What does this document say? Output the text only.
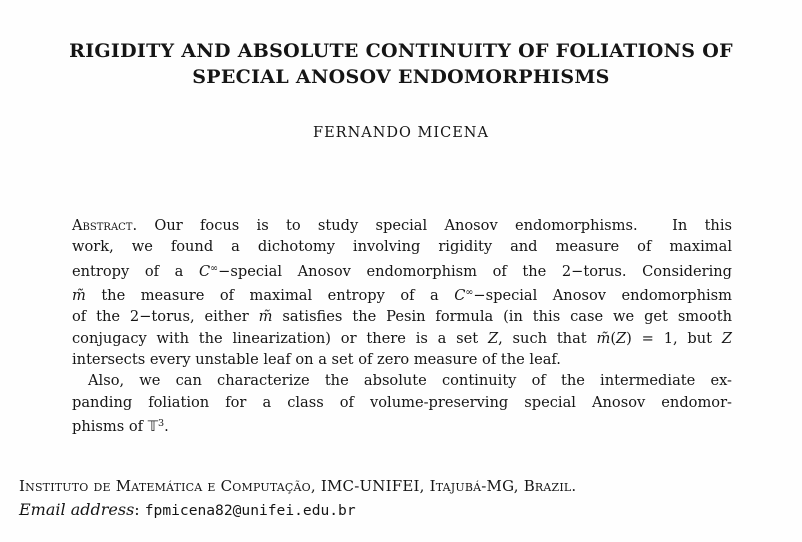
RIGIDITY AND ABSOLUTE CONTINUITY OF FOLIATIONS OF
SPECIAL ANOSOV ENDOMORPHISMS
FERNANDO MICENA
Abstract. Our focus is to study special Anosov endomorphisms.  In this
work, we found a dichotomy involving rigidity and measure of maximal
entropy of a C∞−special Anosov endomorphism of the 2−torus. Considering
m̃ the measure of maximal entropy of a C∞−special Anosov endomorphism
of the 2−torus, either m̃ satisfies the Pesin formula (in this case we get smooth
conjugacy with the linearization) or there is a set Z, such that m̃(Z) = 1, but Z
intersects every unstable leaf on a set of zero measure of the leaf.
Also, we can characterize the absolute continuity of the intermediate ex-
panding foliation for a class of volume-preserving special Anosov endomor-
phisms of 𝕋$^3$.
Instituto de Matemática e Computação, IMC-UNIFEI, Itajubá-MG, Brazil.
Email address: fpmicena82@unifei.edu.br
